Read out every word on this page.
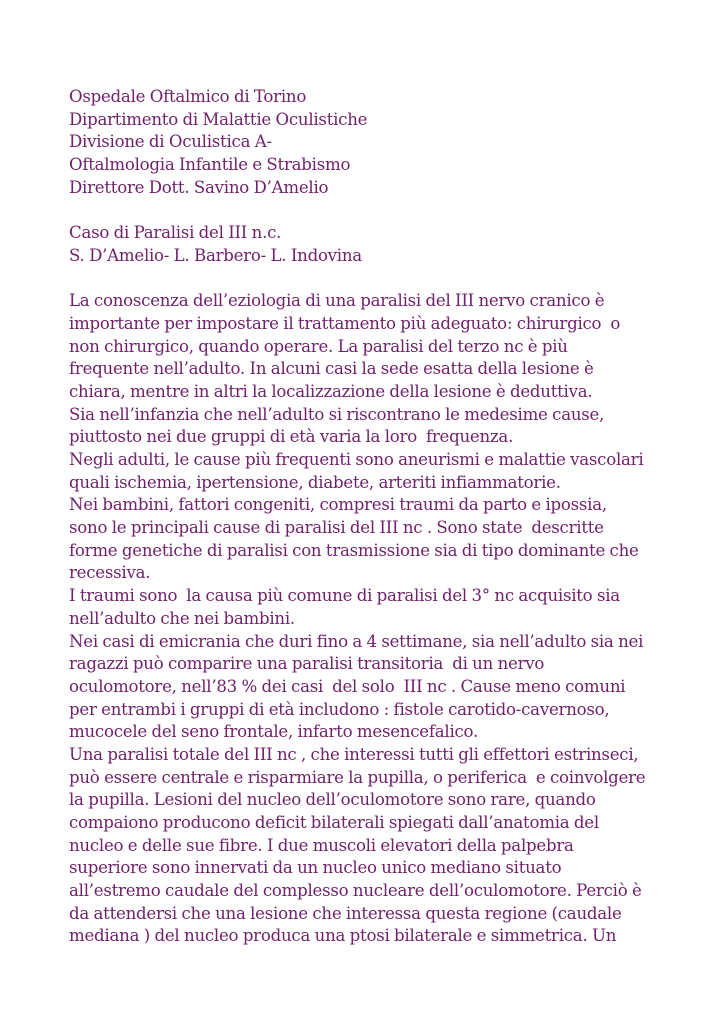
Ospedale Oftalmico di Torino
Dipartimento di Malattie Oculistiche
Divisione di Oculistica A-
Oftalmologia Infantile e Strabismo
Direttore Dott. Savino D’Amelio
Caso di Paralisi del III n.c.
S. D’Amelio- L. Barbero- L. Indovina
La conoscenza dell’eziologia di una paralisi del III nervo cranico è
importante per impostare il trattamento più adeguato: chirurgico  o
non chirurgico, quando operare. La paralisi del terzo nc è più
frequente nell’adulto. In alcuni casi la sede esatta della lesione è
chiara, mentre in altri la localizzazione della lesione è deduttiva.
Sia nell’infanzia che nell’adulto si riscontrano le medesime cause,
piuttosto nei due gruppi di età varia la loro  frequenza.
Negli adulti, le cause più frequenti sono aneurismi e malattie vascolari
quali ischemia, ipertensione, diabete, arteriti infiammatorie.
Nei bambini, fattori congeniti, compresi traumi da parto e ipossia,
sono le principali cause di paralisi del III nc . Sono state  descritte
forme genetiche di paralisi con trasmissione sia di tipo dominante che
recessiva.
I traumi sono  la causa più comune di paralisi del 3° nc acquisito sia
nell’adulto che nei bambini.
Nei casi di emicrania che duri fino a 4 settimane, sia nell’adulto sia nei
ragazzi può comparire una paralisi transitoria  di un nervo
oculomotore, nell’83 % dei casi  del solo  III nc . Cause meno comuni
per entrambi i gruppi di età includono : fistole carotido-cavernoso,
mucocele del seno frontale, infarto mesencefalico.
Una paralisi totale del III nc , che interessi tutti gli effettori estrinseci,
può essere centrale e risparmiare la pupilla, o periferica  e coinvolgere
la pupilla. Lesioni del nucleo dell’oculomotore sono rare, quando
compaiono producono deficit bilaterali spiegati dall’anatomia del
nucleo e delle sue fibre. I due muscoli elevatori della palpebra
superiore sono innervati da un nucleo unico mediano situato
all’estremo caudale del complesso nucleare dell’oculomotore. Perciò è
da attendersi che una lesione che interessa questa regione (caudale
mediana ) del nucleo produca una ptosi bilaterale e simmetrica. Un
